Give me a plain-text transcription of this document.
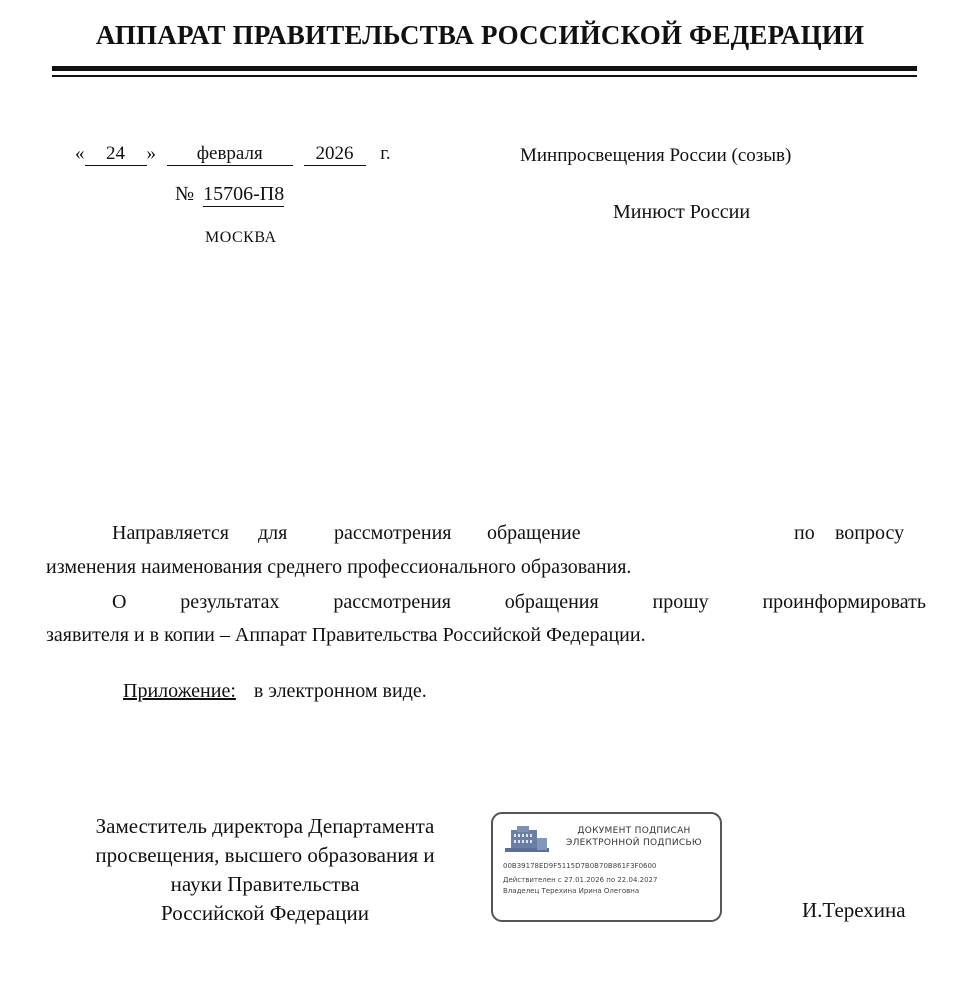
АППАРАТ ПРАВИТЕЛЬСТВА РОССИЙСКОЙ ФЕДЕРАЦИИ
« 24 » февраля	2026 г.
№ 15706-П8
МОСКВА
Минпросвещения России (созыв)
Минюст России
Направляется для рассмотрения обращение	по вопросу
изменения наименования среднего профессионального образования.
О результатах рассмотрения обращения прошу проинформировать
заявителя и в копии – Аппарат Правительства Российской Федерации.
Приложение: в электронном виде.
Заместитель директора Департамента
просвещения, высшего образования и
науки Правительства
Российской Федерации
ДОКУМЕНТ ПОДПИСАН
ЭЛЕКТРОННОЙ ПОДПИСЬЮ
00B39178ED9F5115D7B0B70B861F3F0600
Действителен с 27.01.2026 по 22.04.2027
Владелец Терехина Ирина Олеговна
И.Терехина
